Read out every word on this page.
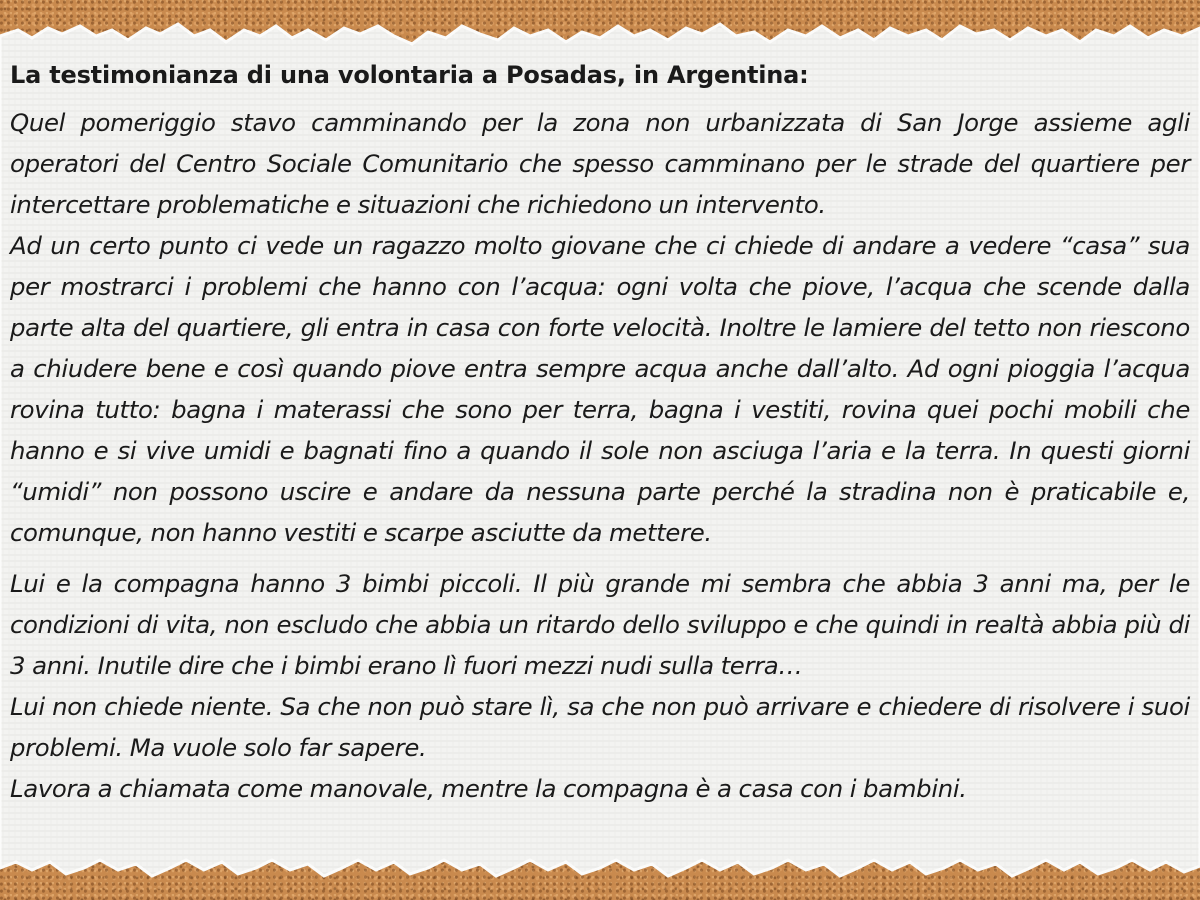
La testimonianza di una volontaria a Posadas, in Argentina:

Quel pomeriggio stavo camminando per la zona non urbanizzata di San Jorge assieme agli operatori del Centro Sociale Comunitario che spesso camminano per le strade del quartiere per intercettare problematiche e situazioni che richiedono un intervento.

Ad un certo punto ci vede un ragazzo molto giovane che ci chiede di andare a vedere “casa” sua per mostrarci i problemi che hanno con l’acqua: ogni volta che piove, l’acqua che scende dalla parte alta del quartiere, gli entra in casa con forte velocità. Inoltre le lamiere del tetto non riescono a chiudere bene e così quando piove entra sempre acqua anche dall’alto. Ad ogni pioggia l’acqua rovina tutto: bagna i materassi che sono per terra, bagna i vestiti, rovina quei pochi mobili che hanno e si vive umidi e bagnati fino a quando il sole non asciuga l’aria e la terra. In questi giorni “umidi” non possono uscire e andare da nessuna parte perché la stradina non è praticabile e, comunque, non hanno vestiti e scarpe asciutte da mettere.

Lui e la compagna hanno 3 bimbi piccoli. Il più grande mi sembra che abbia 3 anni ma, per le condizioni di vita, non escludo che abbia un ritardo dello sviluppo e che quindi in realtà abbia più di 3 anni. Inutile dire che i bimbi erano lì fuori mezzi nudi sulla terra…

Lui non chiede niente. Sa che non può stare lì, sa che non può arrivare e chiedere di risolvere i suoi problemi. Ma vuole solo far sapere.

Lavora a chiamata come manovale, mentre la compagna è a casa con i bambini.
